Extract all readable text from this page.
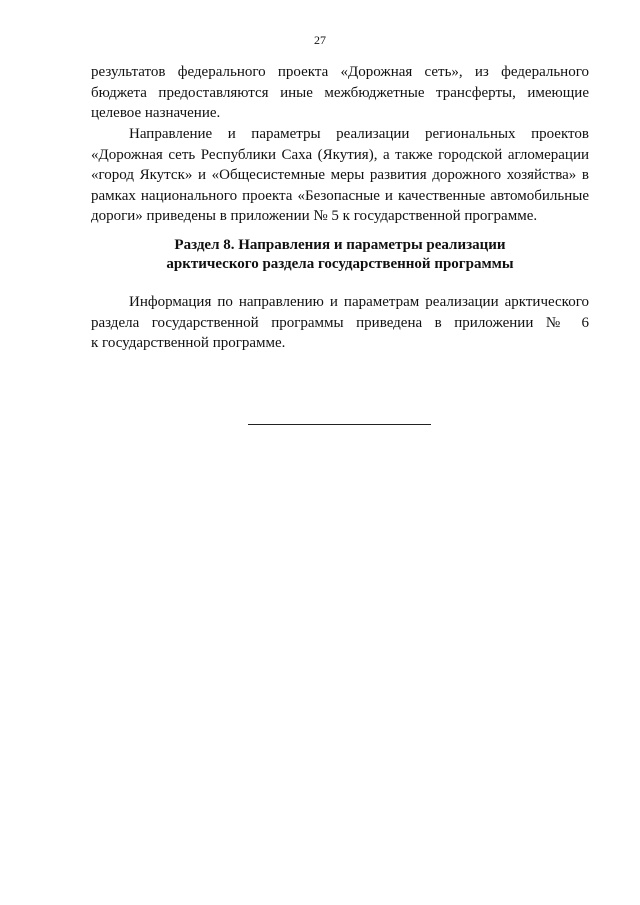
27
результатов федерального проекта «Дорожная сеть», из федерального
бюджета предоставляются иные межбюджетные трансферты, имеющие
целевое назначение.
Направление и параметры реализации региональных проектов
«Дорожная сеть Республики Саха (Якутия), а также городской агломерации
«город Якутск» и «Общесистемные меры развития дорожного хозяйства» в
рамках национального проекта «Безопасные и качественные автомобильные
дороги» приведены в приложении № 5 к государственной программе.
Раздел 8. Направления и параметры реализации
арктического раздела государственной программы
Информация по направлению и параметрам реализации арктического
раздела государственной программы приведена в приложении № 6
к государственной программе.
